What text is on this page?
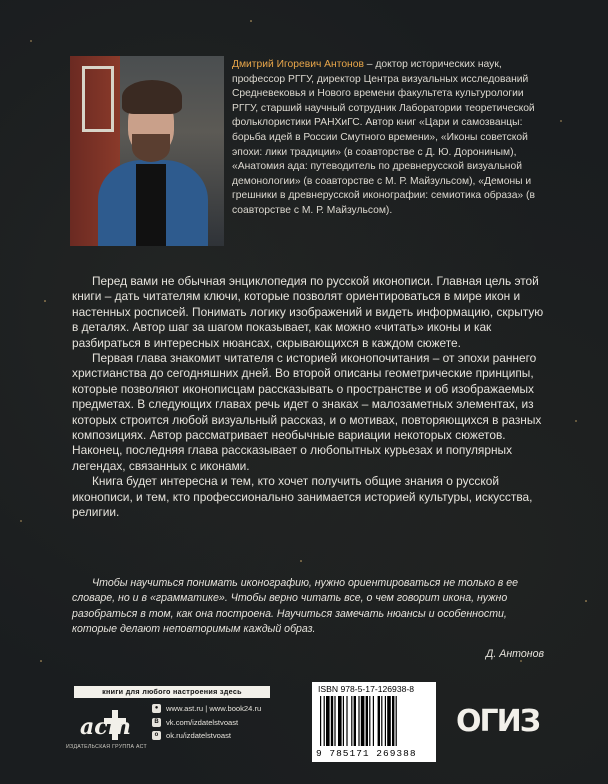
Дмитрий Игоревич Антонов – доктор исторических наук, профессор РГГУ, директор Центра визуальных исследований Средневековья и Нового времени факультета культурологии РГГУ, старший научный сотрудник Лаборатории теоретической фольклористики РАНХиГС. Автор книг «Цари и самозванцы: борьба идей в России Смутного времени», «Иконы советской эпохи: лики традиции» (в соавторстве с Д. Ю. Дорониным), «Анатомия ада: путеводитель по древнерусской визуальной демонологии» (в соавторстве с М. Р. Майзульсом), «Демоны и грешники в древнерусской иконографии: семиотика образа» (в соавторстве с М. Р. Майзульсом).

Перед вами не обычная энциклопедия по русской иконописи. Главная цель этой книги – дать читателям ключи, которые позволят ориентироваться в мире икон и настенных росписей. Понимать логику изображений и видеть информацию, скрытую в деталях. Автор шаг за шагом показывает, как можно «читать» иконы и как разбираться в интересных нюансах, скрывающихся в каждом сюжете.

Первая глава знакомит читателя с историей иконопочитания – от эпохи раннего христианства до сегодняшних дней. Во второй описаны геометрические принципы, которые позволяют иконописцам рассказывать о пространстве и об изображаемых предметах. В следующих главах речь идет о знаках – малозаметных элементах, из которых строится любой визуальный рассказ, и о мотивах, повторяющихся в разных композициях. Автор рассматривает необычные вариации некоторых сюжетов. Наконец, последняя глава рассказывает о любопытных курьезах и популярных легендах, связанных с иконами.

Книга будет интересна и тем, кто хочет получить общие знания о русской иконописи, и тем, кто профессионально занимается историей культуры, искусства, религии.

Чтобы научиться понимать иконографию, нужно ориентироваться не только в ее словаре, но и в «грамматике». Чтобы верно читать все, о чем говорит икона, нужно разобраться в том, как она построена. Научиться замечать нюансы и особенности, которые делают неповторимым каждый образ.

Д. Антонов
книги для любого настроения здесь
аст
ИЗДАТЕЛЬСКАЯ ГРУППА АСТ
●	www.ast.ru | www.book24.ru
B vk.com/izdatelstvoast
o	ok.ru/izdatelstvoast
ISBN 978-5-17-126938-8
9 785171 269388
ОГИЗ
